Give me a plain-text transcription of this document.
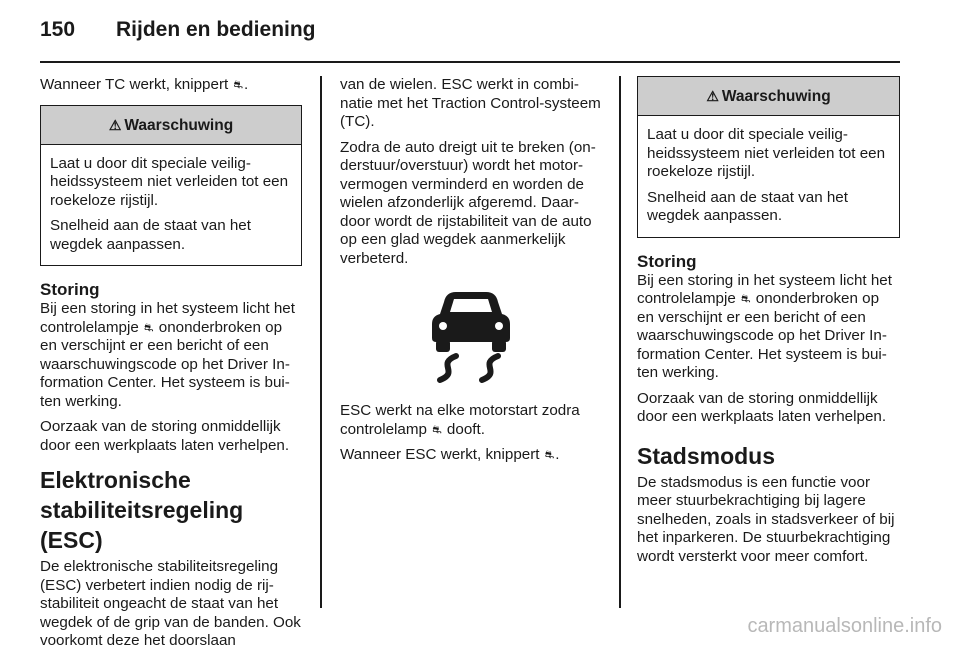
150 Rijden en bediening

Wanneer TC werkt, knippert ⛐.

⚠ Waarschuwing

Laat u door dit speciale veiligheidssysteem niet verleiden tot een roekeloze rijstijl.

Snelheid aan de staat van het wegdek aanpassen.

Storing

Bij een storing in het systeem licht het controlelampje ⛐ ononderbroken op en verschijnt er een bericht of een waarschuwingscode op het Driver Information Center. Het systeem is buiten werking.

Oorzaak van de storing onmiddellijk door een werkplaats laten verhelpen.

Elektronische stabiliteitsregeling (ESC)

De elektronische stabiliteitsregeling (ESC) verbetert indien nodig de rijstabiliteit ongeacht de staat van het wegdek of de grip van de banden. Ook voorkomt deze het doorslaan

van de wielen. ESC werkt in combinatie met het Traction Control-systeem (TC).

Zodra de auto dreigt uit te breken (onderstuur/overstuur) wordt het motorvermogen verminderd en worden de wielen afzonderlijk afgeremd. Daardoor wordt de rijstabiliteit van de auto op een glad wegdek aanmerkelijk verbeterd.

ESC werkt na elke motorstart zodra controlelamp ⛐ dooft.

Wanneer ESC werkt, knippert ⛐.

⚠ Waarschuwing

Laat u door dit speciale veiligheidssysteem niet verleiden tot een roekeloze rijstijl.

Snelheid aan de staat van het wegdek aanpassen.

Storing

Bij een storing in het systeem licht het controlelampje ⛐ ononderbroken op en verschijnt er een bericht of een waarschuwingscode op het Driver Information Center. Het systeem is buiten werking.

Oorzaak van de storing onmiddellijk door een werkplaats laten verhelpen.

Stadsmodus

De stadsmodus is een functie voor meer stuurbekrachtiging bij lagere snelheden, zoals in stadsverkeer of bij het inparkeren. De stuurbekrachtiging wordt versterkt voor meer comfort.

carmanualsonline.info
